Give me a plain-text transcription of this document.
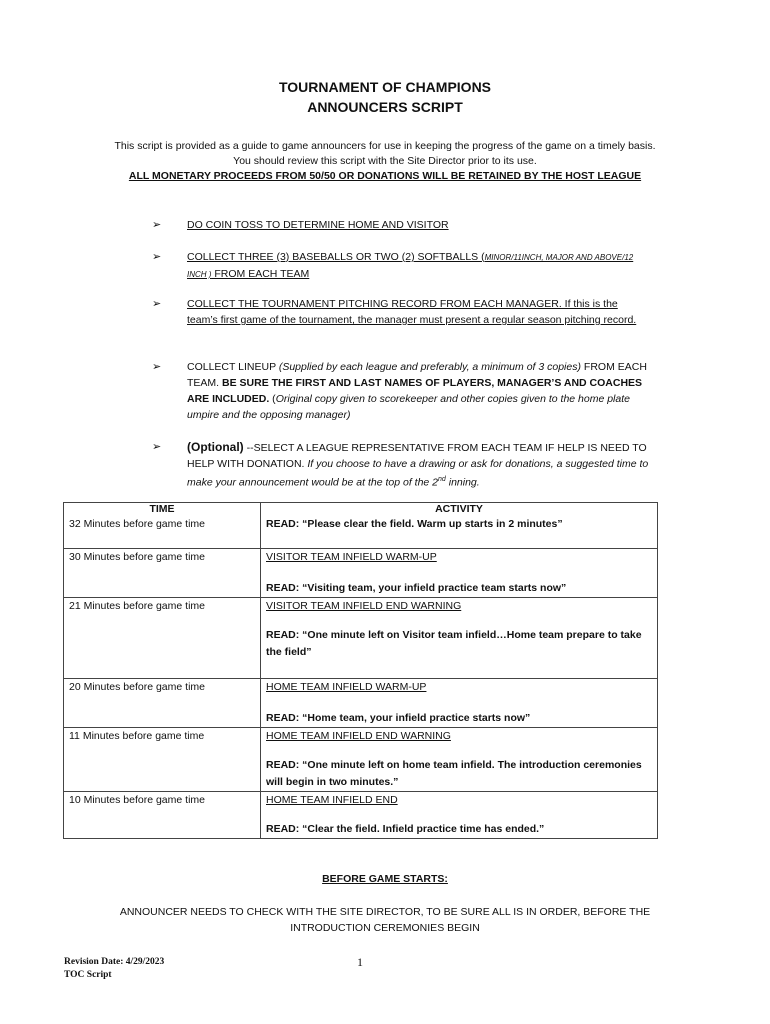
TOURNAMENT OF CHAMPIONS
ANNOUNCERS SCRIPT
This script is provided as a guide to game announcers for use in keeping the progress of the game on a timely basis.
You should review this script with the Site Director prior to its use.
ALL MONETARY PROCEEDS FROM 50/50 OR DONATIONS WILL BE RETAINED BY THE HOST LEAGUE
➢	DO COIN TOSS TO DETERMINE HOME AND VISITOR
➢	COLLECT THREE (3) BASEBALLS OR TWO (2) SOFTBALLS (MINOR/11INCH, MAJOR AND ABOVE/12
INCH ) FROM EACH TEAM
➢	COLLECT THE TOURNAMENT PITCHING RECORD FROM EACH MANAGER. If this is the team’s first game of the tournament, the manager must present a regular season pitching record.
➢	COLLECT LINEUP (Supplied by each league and preferably, a minimum of 3 copies) FROM EACH TEAM. BE SURE THE FIRST AND LAST NAMES OF PLAYERS, MANAGER’S AND COACHES ARE INCLUDED. (Original copy given to scorekeeper and other copies given to the home plate umpire and the opposing manager)
➢	(Optional) --SELECT A LEAGUE REPRESENTATIVE FROM EACH TEAM IF HELP IS NEED TO HELP WITH DONATION. If you choose to have a drawing or ask for donations, a suggested time to make your announcement would be at the top of the 2nd inning.
TIME	ACTIVITY

32 Minutes before game time	READ: “Please clear the field. Warm up starts in 2 minutes”

30 Minutes before game time	VISITOR TEAM INFIELD WARM-UP
READ: “Visiting team, your infield practice team starts now”

21 Minutes before game time	VISITOR TEAM INFIELD END WARNING
READ: “One minute left on Visitor team infield…Home team prepare to take the field”

20 Minutes before game time	HOME TEAM INFIELD WARM-UP
READ: “Home team, your infield practice starts now”

11 Minutes before game time	HOME TEAM INFIELD END WARNING
READ: “One minute left on home team infield. The introduction ceremonies will begin in two minutes.”

10 Minutes before game time	HOME TEAM INFIELD END
READ: “Clear the field. Infield practice time has ended.”
BEFORE GAME STARTS:
ANNOUNCER NEEDS TO CHECK WITH THE SITE DIRECTOR, TO BE SURE ALL IS IN ORDER, BEFORE THE INTRODUCTION CEREMONIES BEGIN
Revision Date: 4/29/2023
TOC Script
1
